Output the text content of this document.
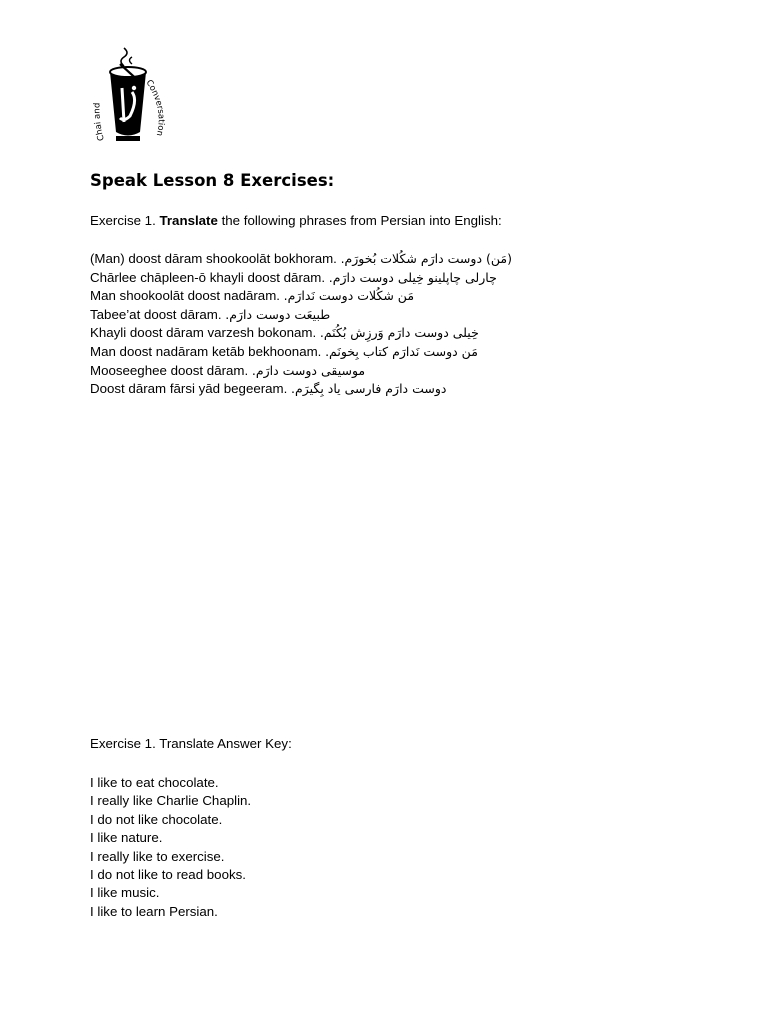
Chai and
Conversation
Speak Lesson 8 Exercises:
Exercise 1. Translate the following phrases from Persian into English:
(Man) doost dāram shookoolāt bokhoram. (مَن) دوست دارَم شکُلات بُخورَم.
Chārlee chāpleen-ō khayli doost dāram. چارلی چاپلینو خِیلی دوست دارَم.
Man shookoolāt doost nadāram. مَن شکُلات دوست نَدارَم.
Tabee’at doost dāram. طبیعَت دوست دارَم.
Khayli doost dāram varzesh bokonam. خِیلی دوست دارَم وَرزِش بُکُنَم.
Man doost nadāram ketāb bekhoonam. مَن دوست نَدارَم کتاب بِخونَم.
Mooseeghee doost dāram. موسیقی دوست دارَم.
Doost dāram fārsi yād begeeram. دوست دارَم فارسی یاد بِگیرَم.
Exercise 1. Translate Answer Key:
I like to eat chocolate.
I really like Charlie Chaplin.
I do not like chocolate.
I like nature.
I really like to exercise.
I do not like to read books.
I like music.
I like to learn Persian.
